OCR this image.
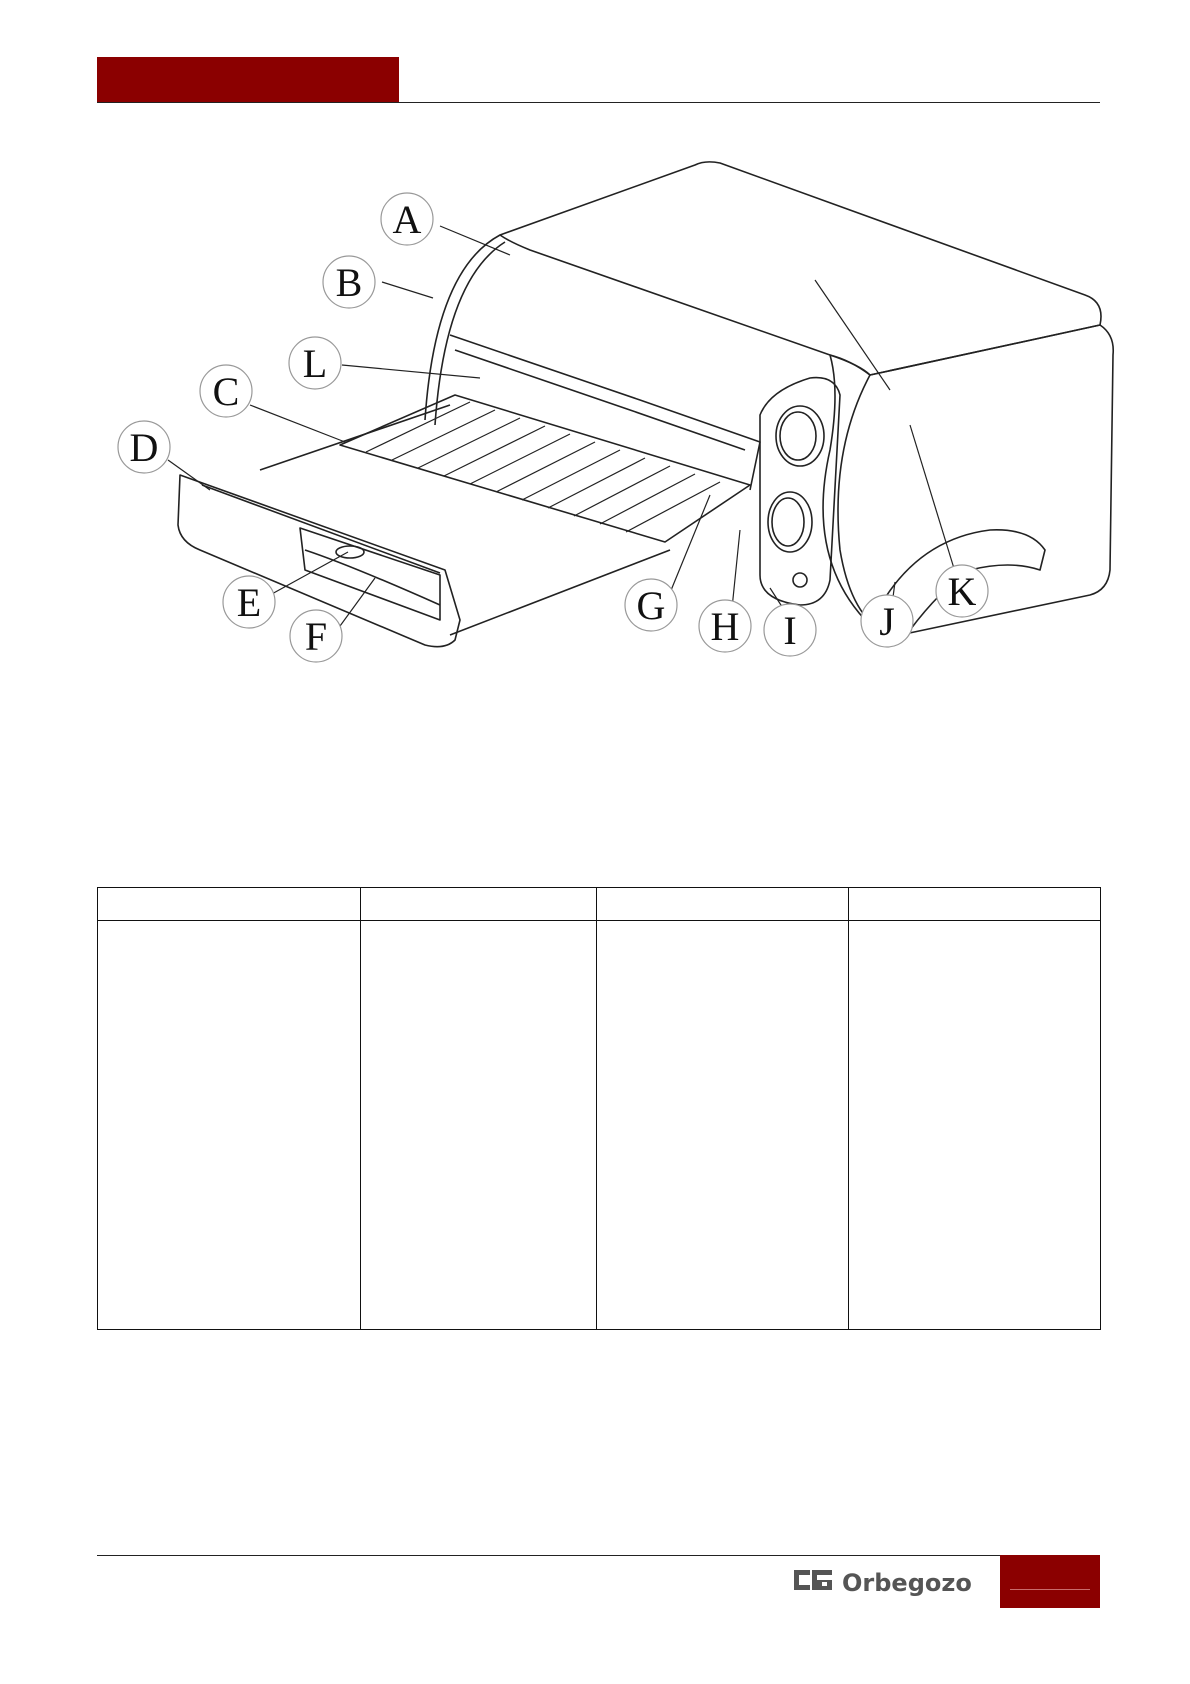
A
B
L
C
D
E
F
G H I J
K

Orbegozo
